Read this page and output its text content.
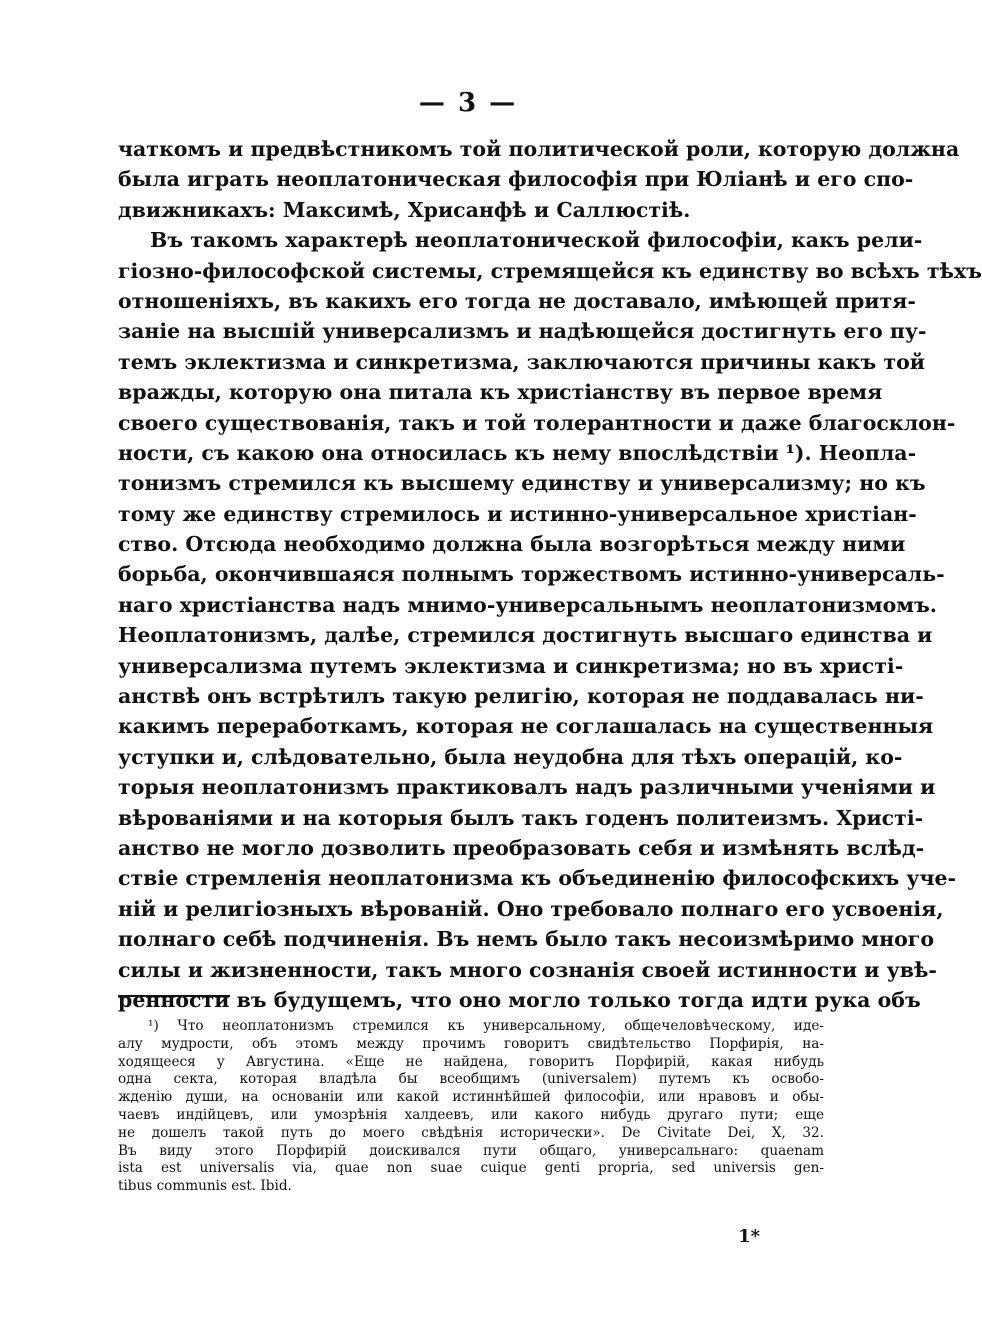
— 3 —
чаткомъ и предвѣстникомъ той политической роли, которую должна
была играть неоплатоническая философія при Юліанѣ и его спо-
движникахъ: Максимѣ, Хрисанфѣ и Саллюстіѣ.
Въ такомъ характерѣ неоплатонической философіи, какъ рели-
гіозно-философской системы, стремящейся къ единству во всѣхъ тѣхъ
отношеніяхъ, въ какихъ его тогда не доставало, имѣющей притя-
заніе на высшій универсализмъ и надѣющейся достигнуть его пу-
темъ эклектизма и синкретизма, заключаются причины какъ той
вражды, которую она питала къ христіанству въ первое время
своего существованія, такъ и той толерантности и даже благосклон-
ности, съ какою она относилась къ нему впослѣдствіи ¹). Неопла-
тонизмъ стремился къ высшему единству и универсализму; но къ
тому же единству стремилось и истинно-универсальное христіан-
ство. Отсюда необходимо должна была возгорѣться между ними
борьба, окончившаяся полнымъ торжествомъ истинно-универсаль-
наго христіанства надъ мнимо-универсальнымъ неоплатонизмомъ.
Неоплатонизмъ, далѣе, стремился достигнуть высшаго единства и
универсализма путемъ эклектизма и синкретизма; но въ христі-
анствѣ онъ встрѣтилъ такую религію, которая не поддавалась ни-
какимъ переработкамъ, которая не соглашалась на существенныя
уступки и, слѣдовательно, была неудобна для тѣхъ операцій, ко-
торыя неоплатонизмъ практиковалъ надъ различными ученіями и
вѣрованіями и на которыя былъ такъ годенъ политеизмъ. Христі-
анство не могло дозволить преобразовать себя и измѣнять вслѣд-
ствіе стремленія неоплатонизма къ объединенію философскихъ уче-
ній и религіозныхъ вѣрованій. Оно требовало полнаго его усвоенія,
полнаго себѣ подчиненія. Въ немъ было такъ несоизмѣримо много
силы и жизненности, такъ много сознанія своей истинности и увѣ-
ренности въ будущемъ, что оно могло только тогда идти рука объ
¹) Что неоплатонизмъ стремился къ универсальному, общечеловѣческому, иде-
алу мудрости, объ этомъ между прочимъ говоритъ свидѣтельство Порфирія, на-
ходящееся у Августина. «Еще не найдена, говоритъ Порфирій, какая нибудь
одна секта, которая владѣла бы всеобщимъ (universalem) путемъ къ освобо-
жденію души, на основаніи или какой истиннѣйшей философіи, или нравовъ и обы-
чаевъ индійцевъ, или умозрѣнія халдеевъ, или какого нибудь другаго пути; еще
не дошелъ такой путь до моего свѣдѣнія исторически». De Civitate Dei, X, 32.
Въ виду этого Порфирій доискивался пути общаго, универсальнаго: quaenam
ista est universalis via, quae non suae cuique genti propria, sed universis gen-
tibus communis est. Ibid.
1*
